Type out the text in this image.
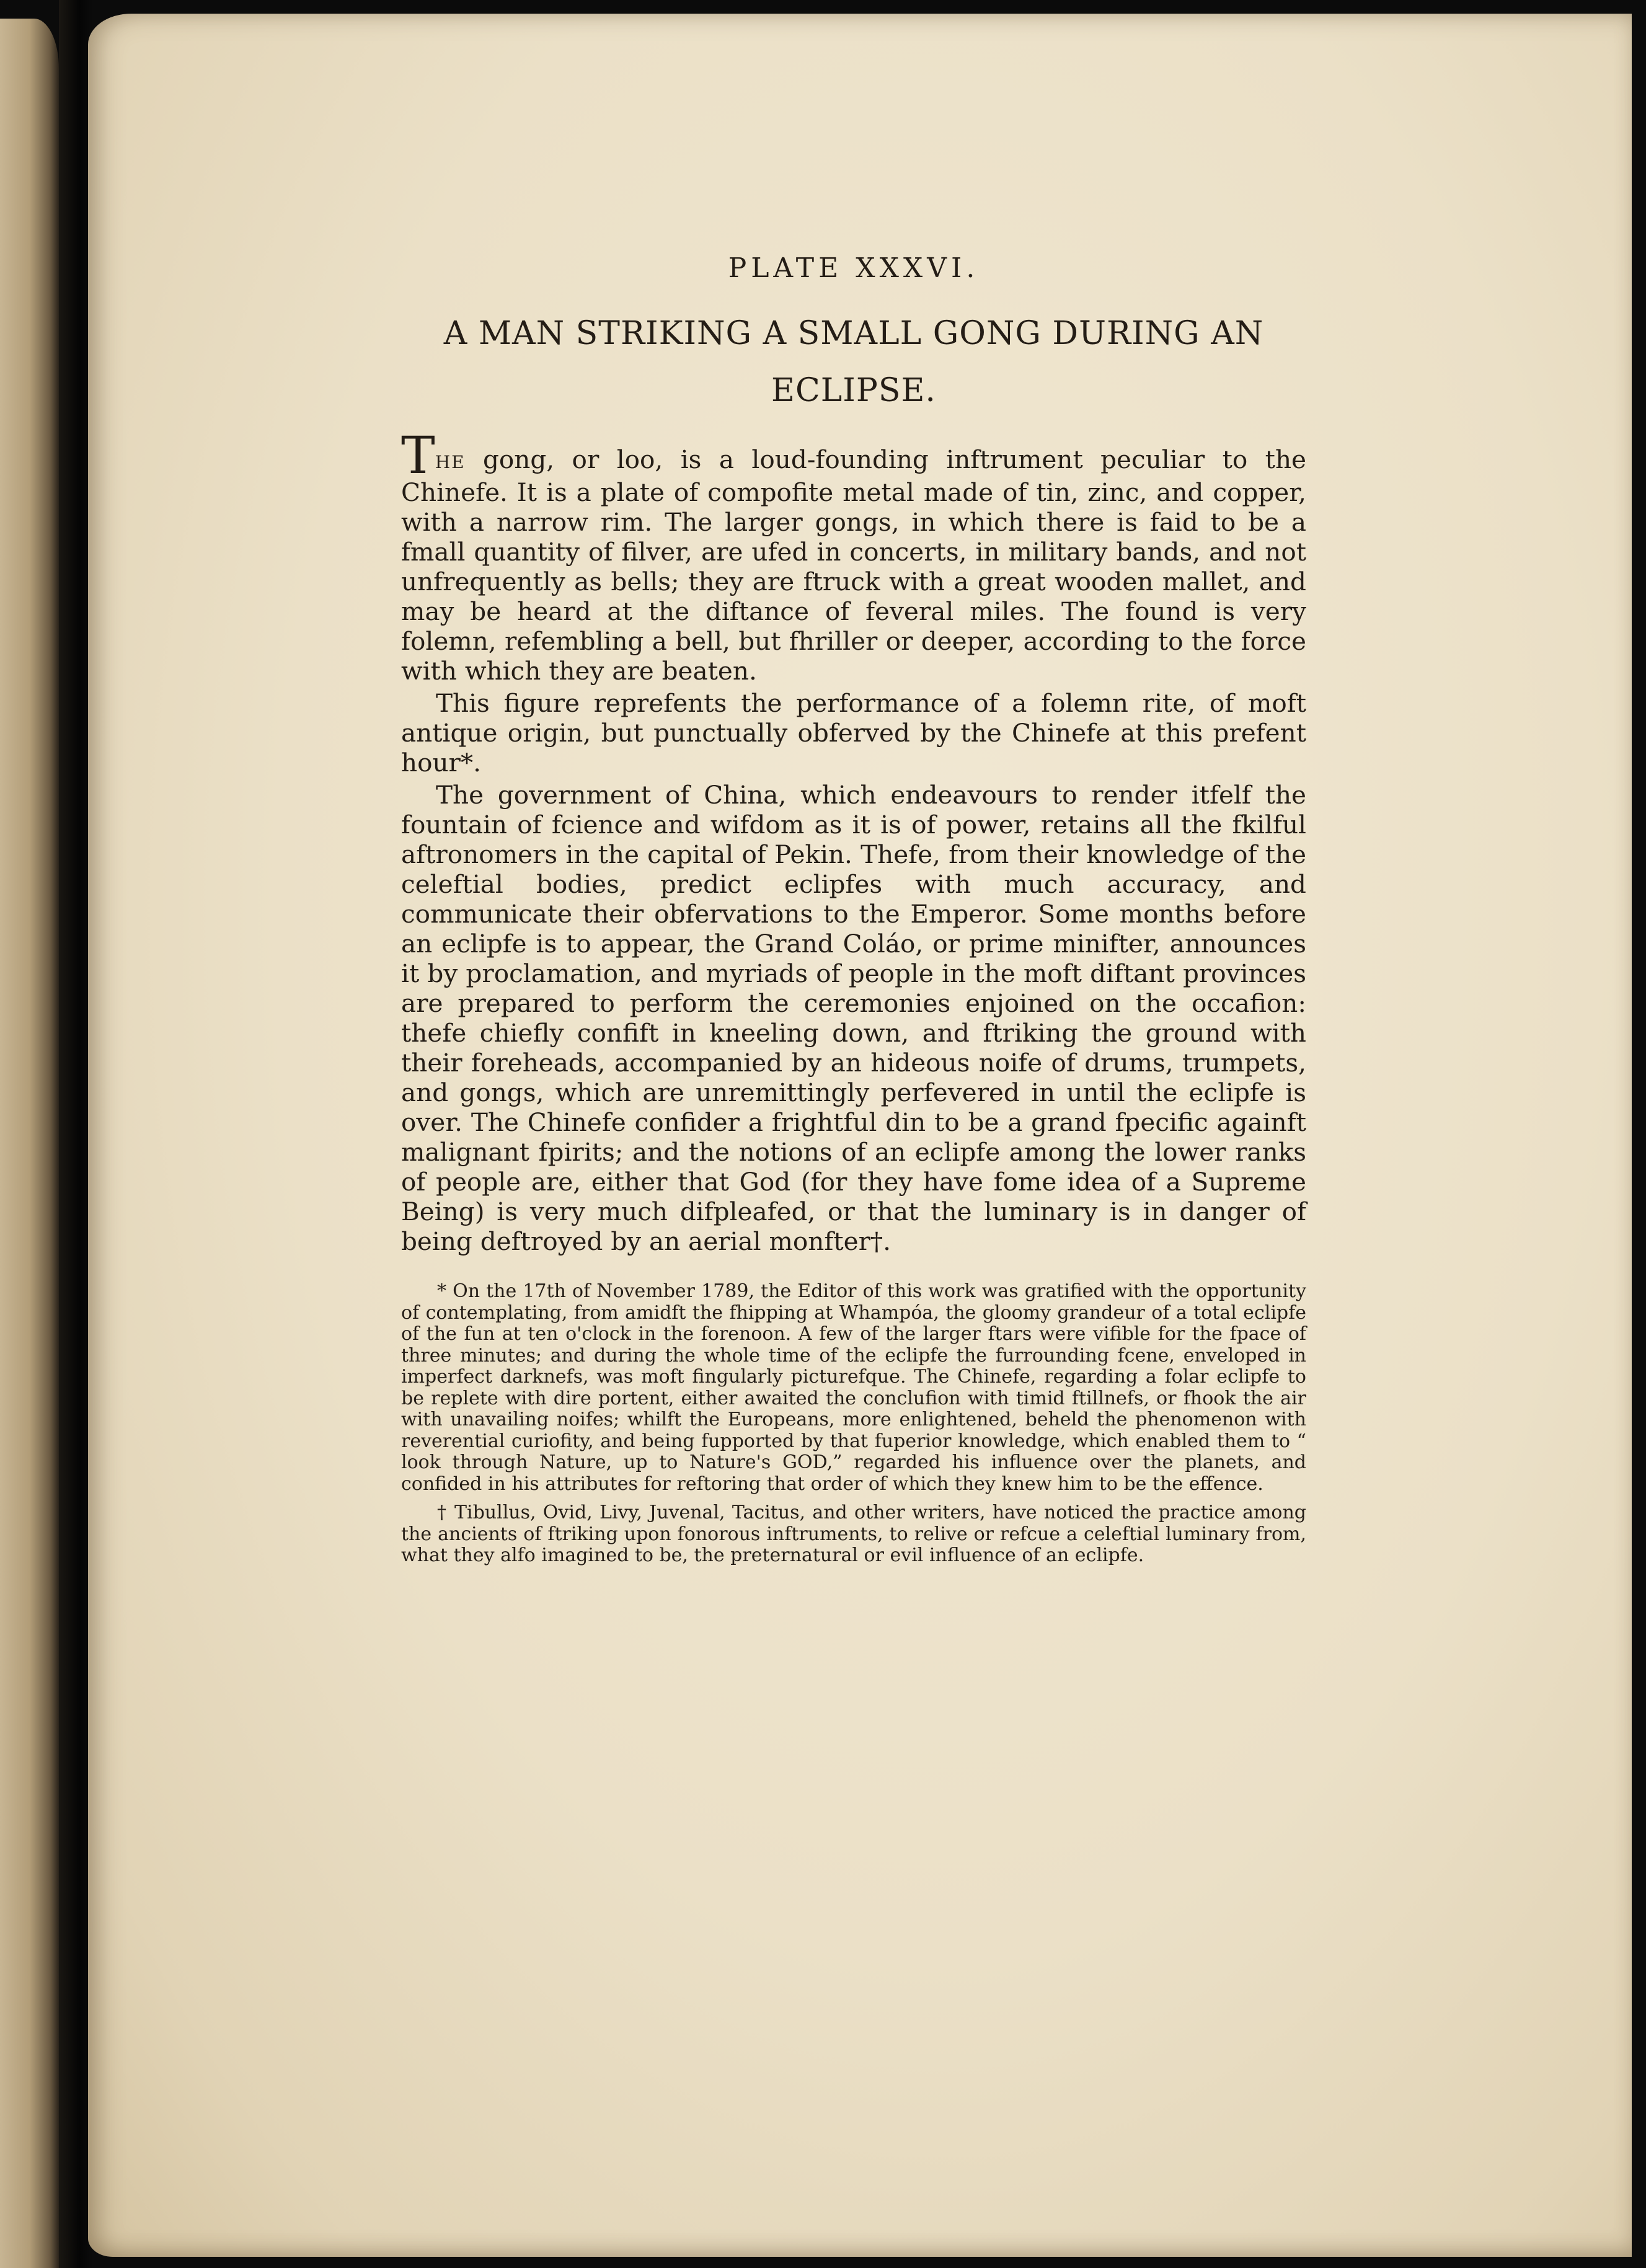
PLATE XXXVI.
A MAN STRIKING A SMALL GONG DURING AN ECLIPSE.

THE gong, or loo, is a loud-founding inftrument peculiar to the Chinefe. It is a plate of compofite metal made of tin, zinc, and copper, with a narrow rim. The larger gongs, in which there is faid to be a fmall quantity of filver, are ufed in concerts, in military bands, and not unfrequently as bells; they are ftruck with a great wooden mallet, and may be heard at the diftance of feveral miles. The found is very folemn, refembling a bell, but fhriller or deeper, according to the force with which they are beaten.

This figure reprefents the performance of a folemn rite, of moft antique origin, but punctually obferved by the Chinefe at this prefent hour*.

The government of China, which endeavours to render itfelf the fountain of fcience and wifdom as it is of power, retains all the fkilful aftronomers in the capital of Pekin. Thefe, from their knowledge of the celeftial bodies, predict eclipfes with much accuracy, and communicate their obfervations to the Emperor. Some months before an eclipfe is to appear, the Grand Coláo, or prime minifter, announces it by proclamation, and myriads of people in the moft diftant provinces are prepared to perform the ceremonies enjoined on the occafion: thefe chiefly confift in kneeling down, and ftriking the ground with their foreheads, accompanied by an hideous noife of drums, trumpets, and gongs, which are unremittingly perfevered in until the eclipfe is over. The Chinefe confider a frightful din to be a grand fpecific againft malignant fpirits; and the notions of an eclipfe among the lower ranks of people are, either that God (for they have fome idea of a Supreme Being) is very much difpleafed, or that the luminary is in danger of being deftroyed by an aerial monfter†.

* On the 17th of November 1789, the Editor of this work was gratified with the opportunity of contemplating, from amidft the fhipping at Whampóa, the gloomy grandeur of a total eclipfe of the fun at ten o'clock in the forenoon. A few of the larger ftars were vifible for the fpace of three minutes; and during the whole time of the eclipfe the furrounding fcene, enveloped in imperfect darknefs, was moft fingularly picturefque. The Chinefe, regarding a folar eclipfe to be replete with dire portent, either awaited the conclufion with timid ftillnefs, or fhook the air with unavailing noifes; whilft the Europeans, more enlightened, beheld the phenomenon with reverential curiofity, and being fupported by that fuperior knowledge, which enabled them to “ look through Nature, up to Nature's GOD,” regarded his influence over the planets, and confided in his attributes for reftoring that order of which they knew him to be the effence.

† Tibullus, Ovid, Livy, Juvenal, Tacitus, and other writers, have noticed the practice among the ancients of ftriking upon fonorous inftruments, to relive or refcue a celeftial luminary from, what they alfo imagined to be, the preternatural or evil influence of an eclipfe.
